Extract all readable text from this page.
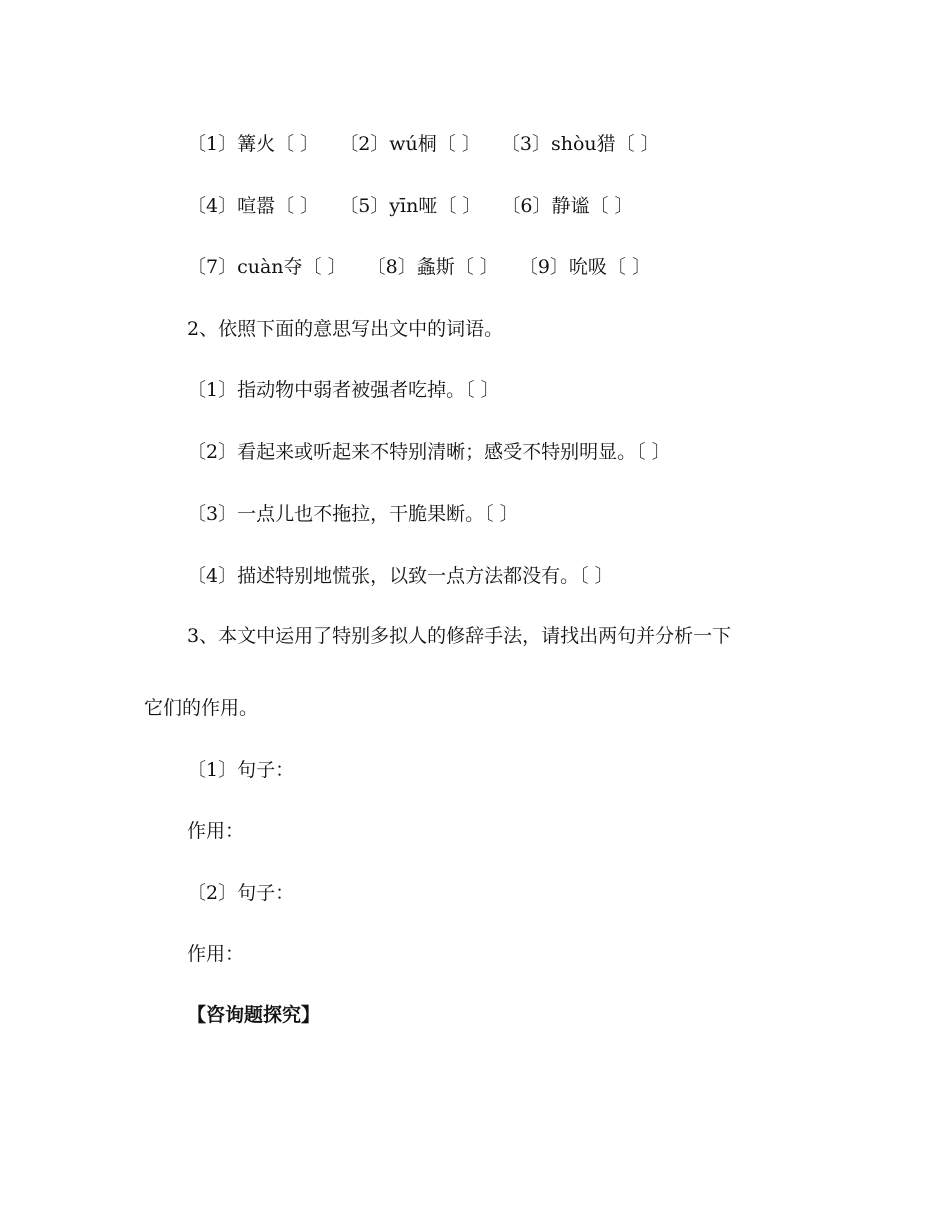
〔1〕篝火〔 〕 〔2〕wú桐〔 〕 〔3〕shòu猎〔 〕
〔4〕喧嚣〔 〕 〔5〕yīn哑〔 〕 〔6〕静谧〔 〕
〔7〕cuàn夺〔 〕 〔8〕螽斯〔 〕 〔9〕吮吸〔 〕
2、依照下面的意思写出文中的词语。
〔1〕指动物中弱者被强者吃掉。〔 〕
〔2〕看起来或听起来不特别清晰；感受不特别明显。〔 〕
〔3〕一点儿也不拖拉，干脆果断。〔 〕
〔4〕描述特别地慌张，以致一点方法都没有。〔 〕
3、本文中运用了特别多拟人的修辞手法，请找出两句并分析一下
它们的作用。
〔1〕句子：
作用：
〔2〕句子：
作用：
【咨询题探究】
